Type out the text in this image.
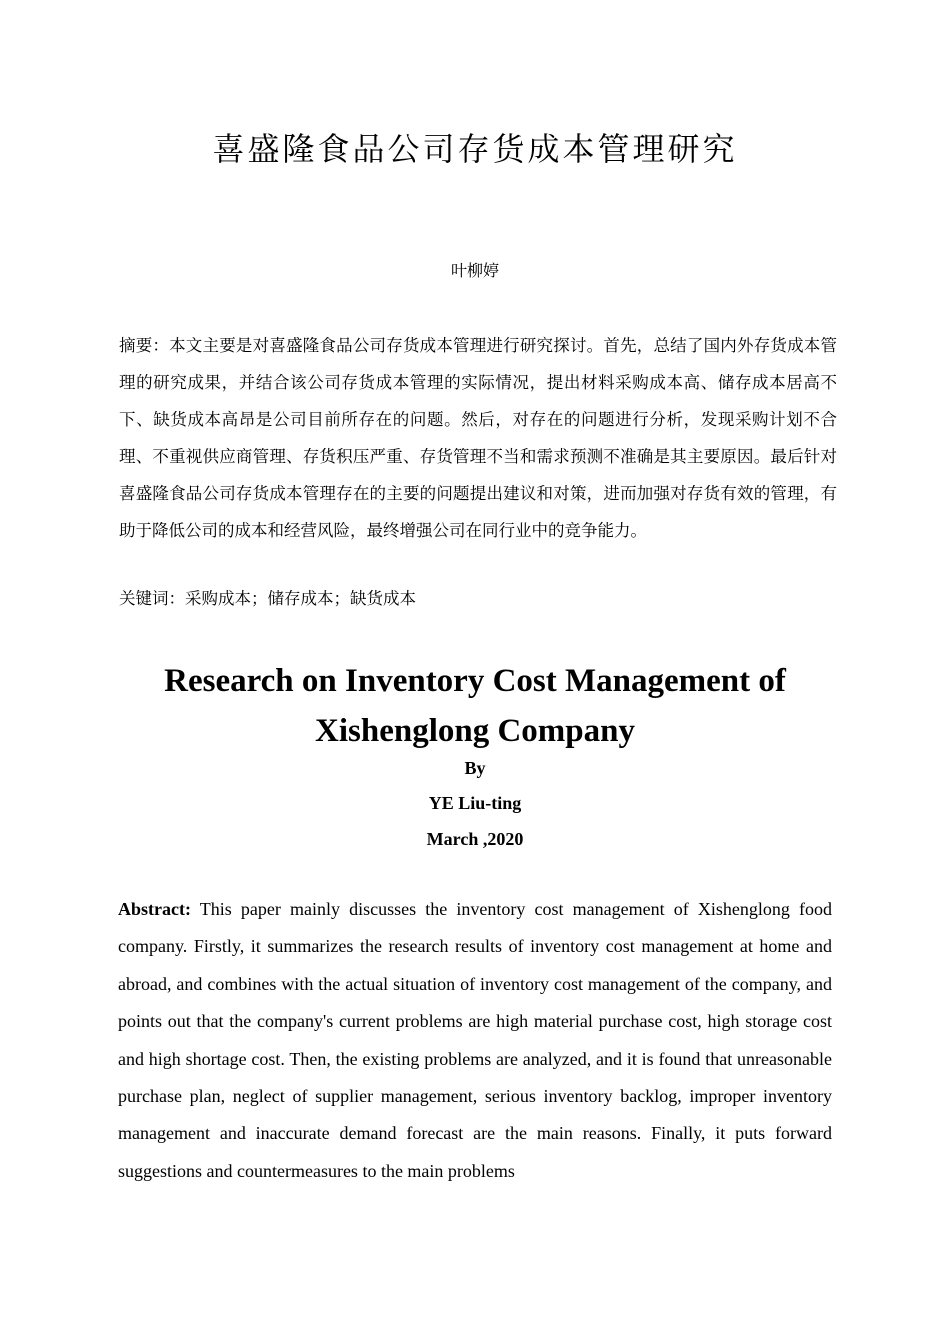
喜盛隆食品公司存货成本管理研究
叶柳婷
摘要：本文主要是对喜盛隆食品公司存货成本管理进行研究探讨。首先，总结了国内外存货成本管理的研究成果，并结合该公司存货成本管理的实际情况，提出材料采购成本高、储存成本居高不下、缺货成本高昂是公司目前所存在的问题。然后，对存在的问题进行分析，发现采购计划不合理、不重视供应商管理、存货积压严重、存货管理不当和需求预测不准确是其主要原因。最后针对喜盛隆食品公司存货成本管理存在的主要的问题提出建议和对策，进而加强对存货有效的管理，有助于降低公司的成本和经营风险，最终增强公司在同行业中的竞争能力。
关键词：采购成本；储存成本；缺货成本
Research on Inventory Cost Management of Xishenglong Company
By
YE Liu-ting
March ,2020
Abstract: This paper mainly discusses the inventory cost management of Xishenglong food company. Firstly, it summarizes the research results of inventory cost management at home and abroad, and combines with the actual situation of inventory cost management of the company, and points out that the company's current problems are high material purchase cost, high storage cost and high shortage cost. Then, the existing problems are analyzed, and it is found that unreasonable purchase plan, neglect of supplier management, serious inventory backlog, improper inventory management and inaccurate demand forecast are the main reasons. Finally, it puts forward suggestions and countermeasures to the main problems
